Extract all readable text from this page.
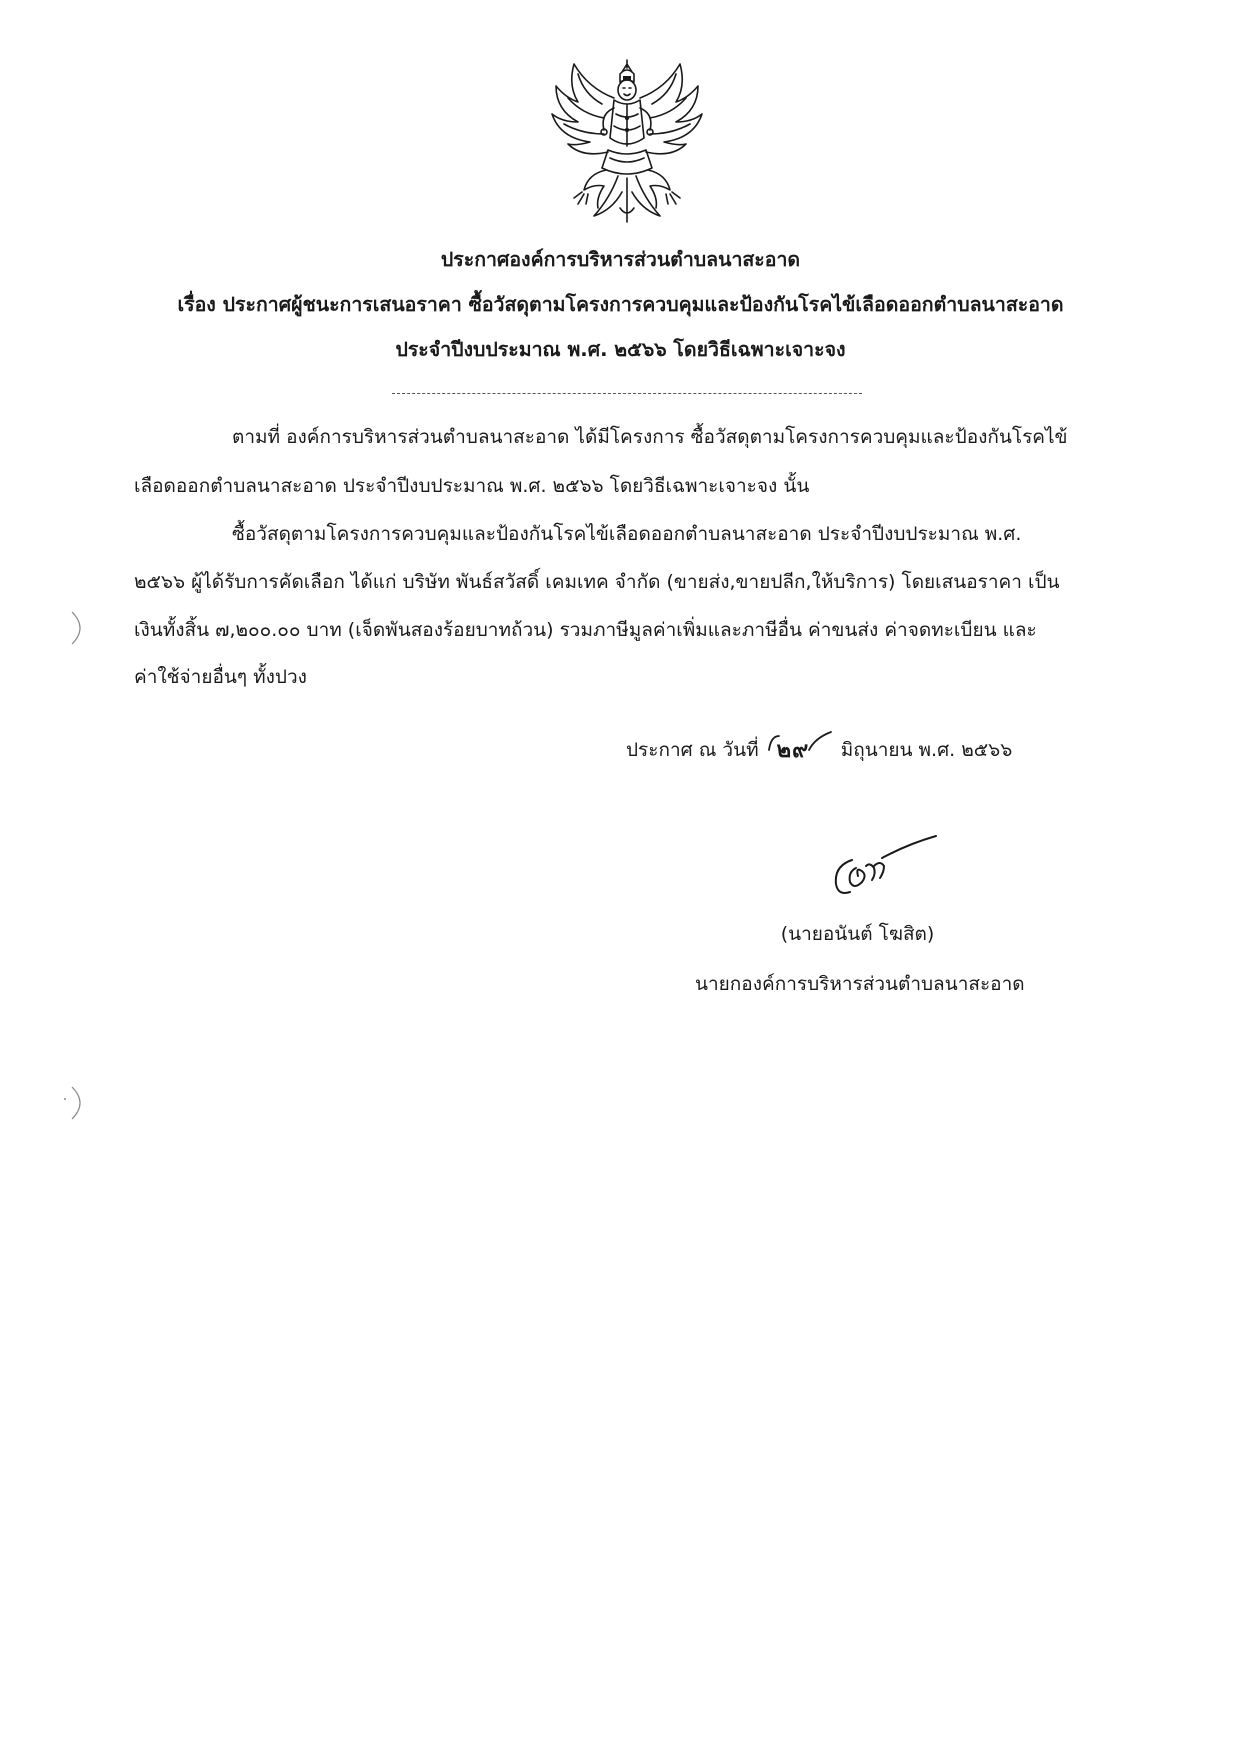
ประกาศองค์การบริหารส่วนตำบลนาสะอาด
เรื่อง ประกาศผู้ชนะการเสนอราคา ซื้อวัสดุตามโครงการควบคุมและป้องกันโรคไข้เลือดออกตำบลนาสะอาด
ประจำปีงบประมาณ พ.ศ. ๒๕๖๖ โดยวิธีเฉพาะเจาะจง
ตามที่ องค์การบริหารส่วนตำบลนาสะอาด ได้มีโครงการ ซื้อวัสดุตามโครงการควบคุมและป้องกันโรคไข้
เลือดออกตำบลนาสะอาด ประจำปีงบประมาณ พ.ศ. ๒๕๖๖ โดยวิธีเฉพาะเจาะจง นั้น
ซื้อวัสดุตามโครงการควบคุมและป้องกันโรคไข้เลือดออกตำบลนาสะอาด ประจำปีงบประมาณ พ.ศ.
๒๕๖๖ ผู้ได้รับการคัดเลือก ได้แก่ บริษัท พันธ์สวัสดิ์ เคมเทค จำกัด (ขายส่ง,ขายปลีก,ให้บริการ) โดยเสนอราคา เป็น
เงินทั้งสิ้น ๗,๒๐๐.๐๐ บาท (เจ็ดพันสองร้อยบาทถ้วน) รวมภาษีมูลค่าเพิ่มและภาษีอื่น ค่าขนส่ง ค่าจดทะเบียน และ
ค่าใช้จ่ายอื่นๆ ทั้งปวง
ประกาศ ณ วันที่ ๒๙ มิถุนายน พ.ศ. ๒๕๖๖
(นายอนันต์ โฆสิต)
นายกองค์การบริหารส่วนตำบลนาสะอาด
